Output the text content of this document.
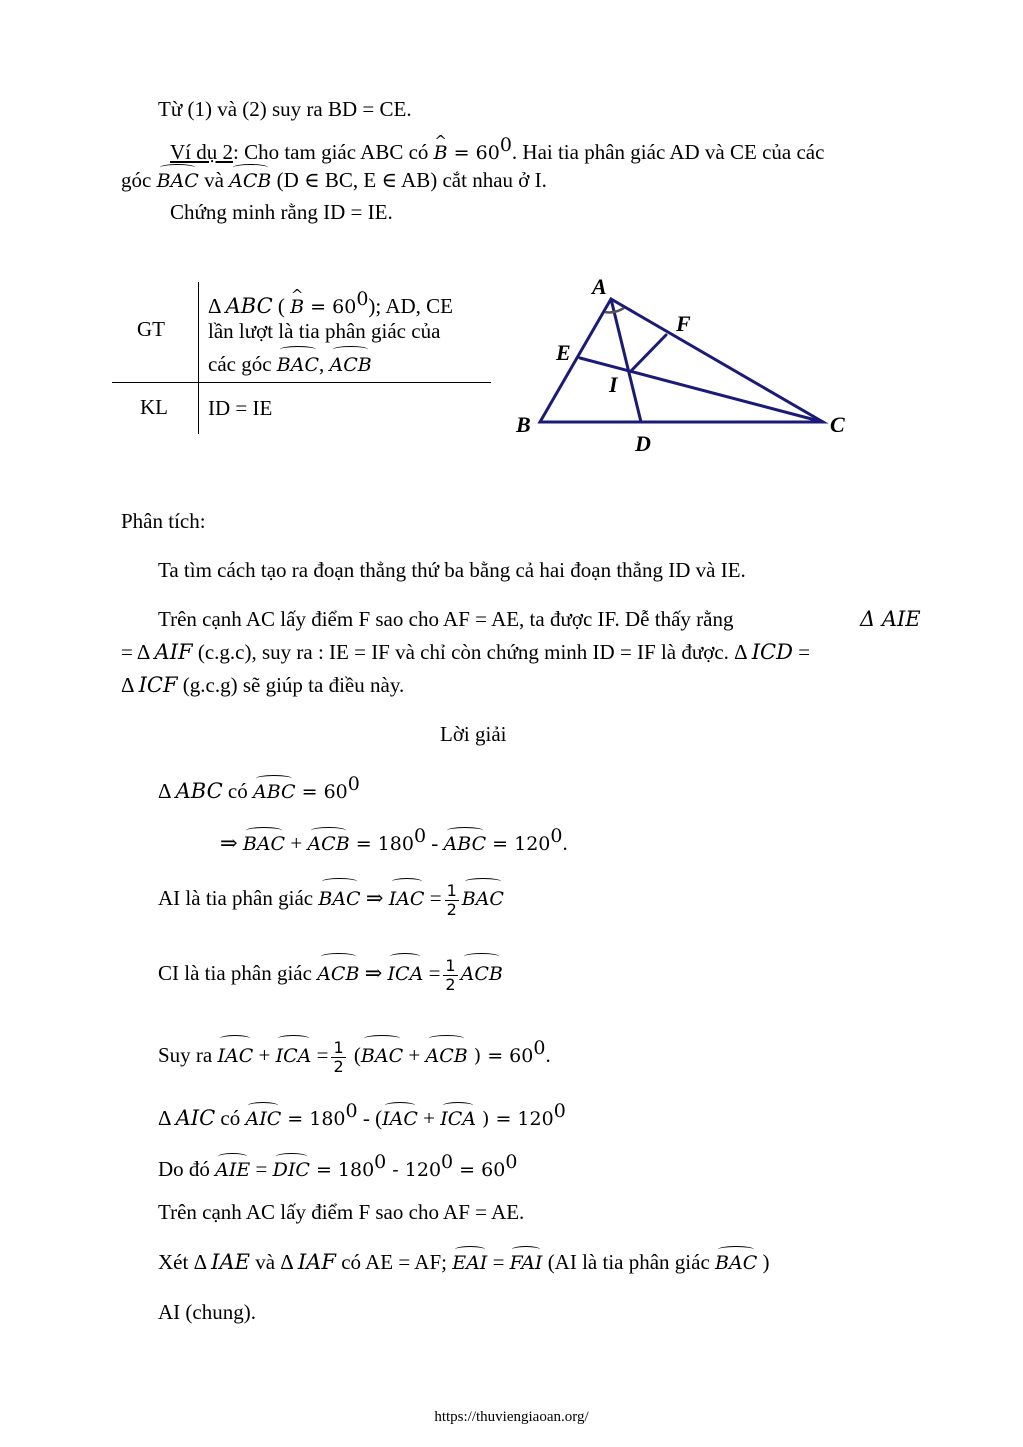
Từ (1) và (2) suy ra BD = CE.
Ví dụ 2: Cho tam giác ABC có ^ $B = 60^0$. Hai tia phân giác AD và CE của các
góc BAC và ACB (D ∈ BC, E ∈ AB) cắt nhau ở I.
Chứng minh rằng ID = IE.
GT
KL
Δ ABC ( ^ $B = 60^0$); AD, CE
lần lượt là tia phân giác của
các góc BAC, ACB
ID = IE
A
F
E
I
B	C
D
Phân tích:
Ta tìm cách tạo ra đoạn thẳng thứ ba bằng cả hai đoạn thẳng ID và IE.
Trên cạnh AC lấy điểm F sao cho AF = AE, ta được IF. Dễ thấy rằng	Δ AIE
= Δ AIF (c.g.c), suy ra : IE = IF và chỉ còn chứng minh ID = IF là được. Δ ICD =
Δ ICF (g.c.g) sẽ giúp ta điều này.
Lời giải
Δ ABC có ABC = $60^0$
⇒ BAC + ACB = $180^0$ - ABC = $120^0$.
AI là tia phân giác BAC ⇒ IAC = $\frac{1}{2}$ BAC
CI là tia phân giác ACB ⇒ ICA = $\frac{1}{2}$ ACB
Suy ra IAC + ICA = $\frac{1}{2} (BAC$ + ACB ) = $60^0$.
Δ AIC có AIC = $180^0 - (IAC$ + ICA ) = $120^0$
Do đó AIE = DIC = $180^0 - 120^0 = 60^0$
Trên cạnh AC lấy điểm F sao cho AF = AE.
Xét Δ IAE và Δ IAF có AE = AF; EAI = FAI (AI là tia phân giác BAC )
AI (chung).
https://thuviengiaoan.org/
